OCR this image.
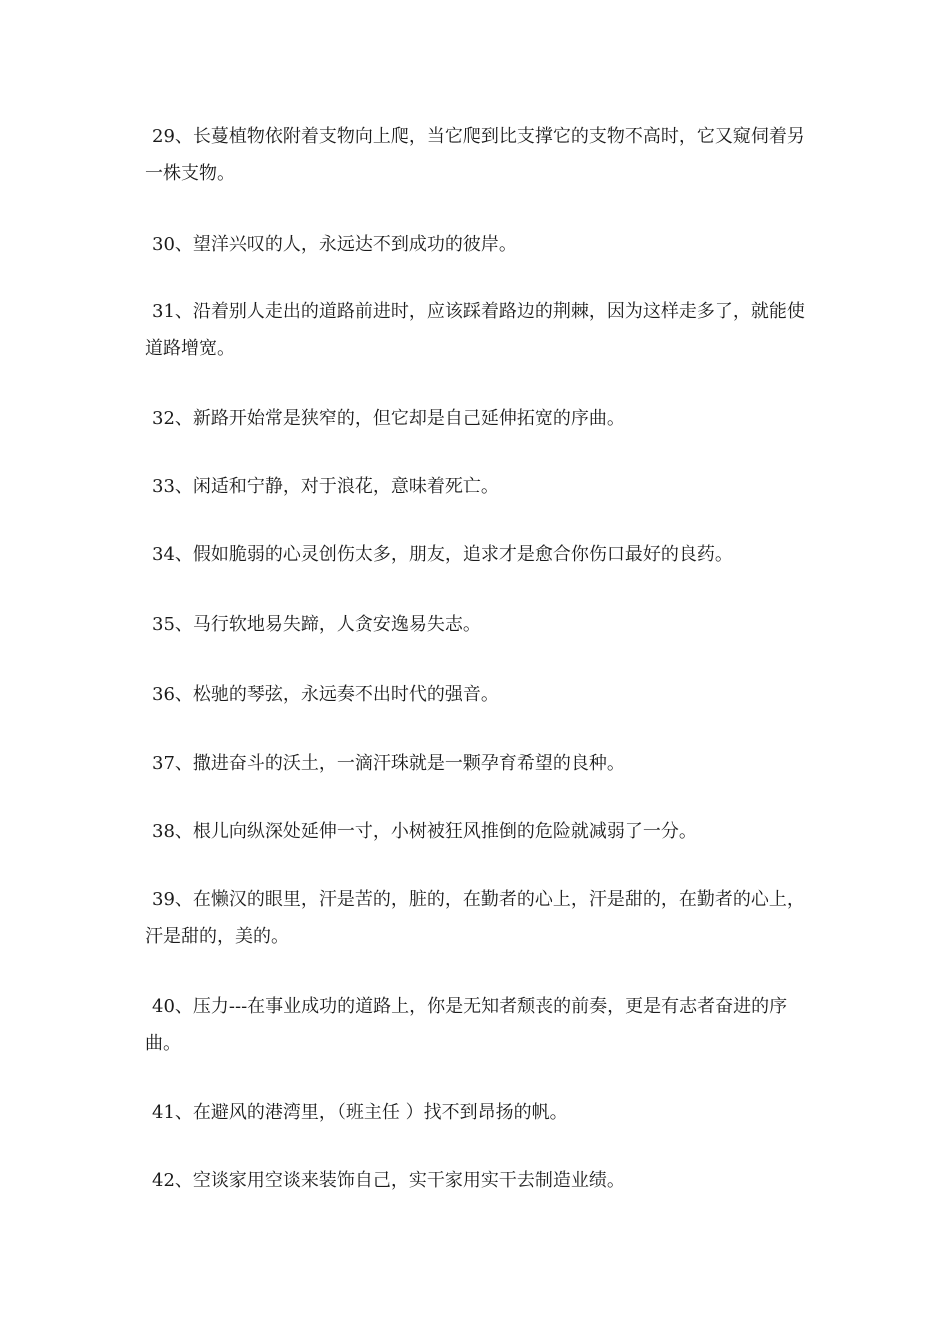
29、长蔓植物依附着支物向上爬，当它爬到比支撑它的支物不高时，它又窥伺着另一株支物。

30、望洋兴叹的人，永远达不到成功的彼岸。

31、沿着别人走出的道路前进时，应该踩着路边的荆棘，因为这样走多了，就能使道路增宽。

32、新路开始常是狭窄的，但它却是自己延伸拓宽的序曲。

33、闲适和宁静，对于浪花，意味着死亡。

34、假如脆弱的心灵创伤太多，朋友，追求才是愈合你伤口最好的良药。

35、马行软地易失蹄，人贪安逸易失志。

36、松驰的琴弦，永远奏不出时代的强音。

37、撒进奋斗的沃土，一滴汗珠就是一颗孕育希望的良种。

38、根儿向纵深处延伸一寸，小树被狂风推倒的危险就减弱了一分。

39、在懒汉的眼里，汗是苦的，脏的，在勤者的心上，汗是甜的，在勤者的心上，汗是甜的，美的。

40、压力---在事业成功的道路上，你是无知者颓丧的前奏，更是有志者奋进的序曲。

41、在避风的港湾里，（班主任 ）找不到昂扬的帆。

42、空谈家用空谈来装饰自己，实干家用实干去制造业绩。
